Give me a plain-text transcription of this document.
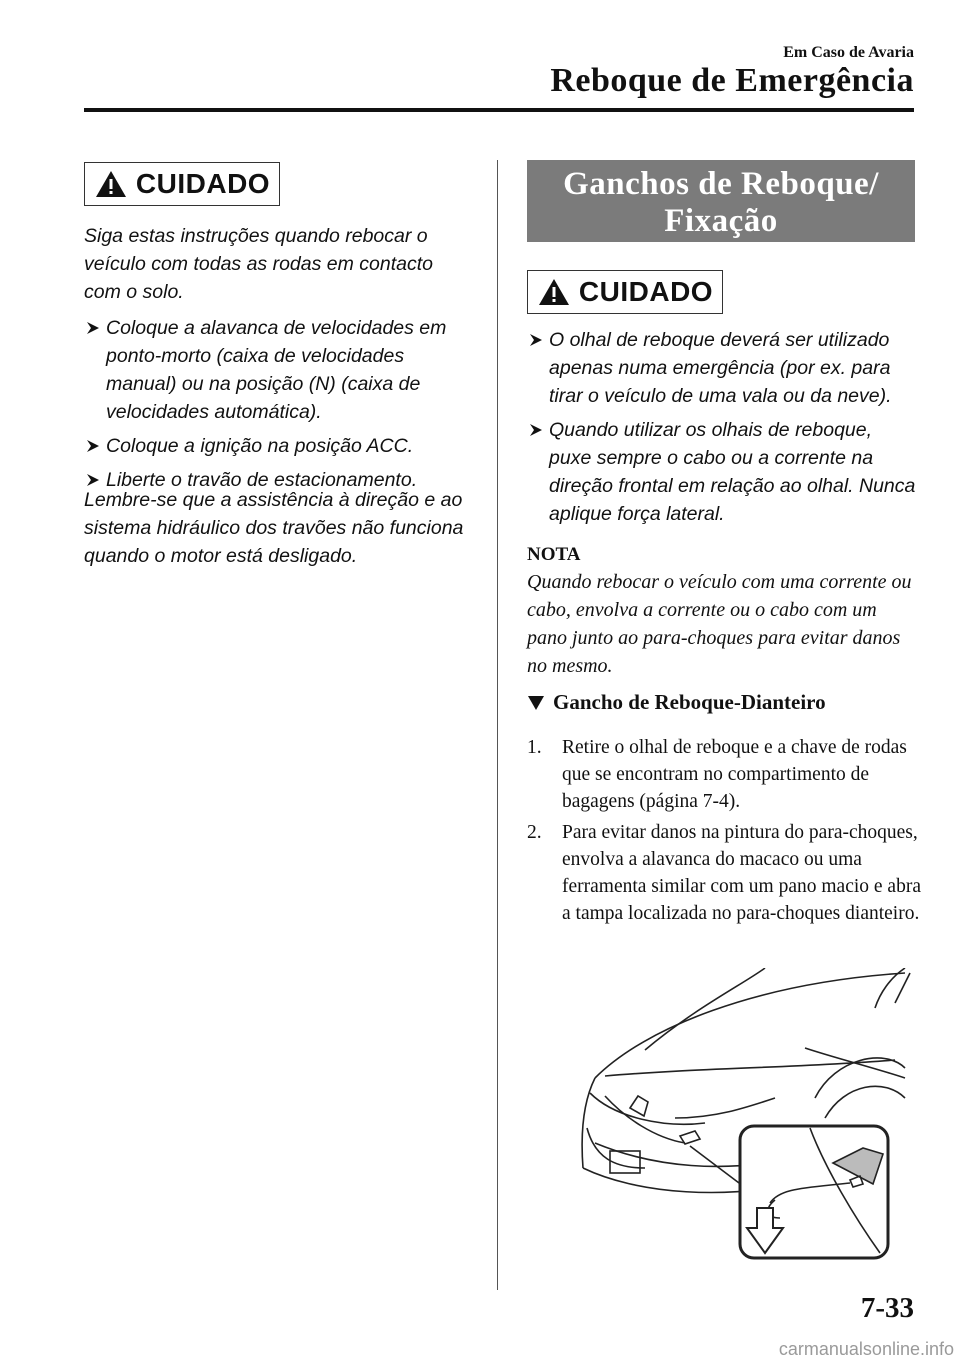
Em Caso de Avaria
Reboque de Emergência
CUIDADO

Siga estas instruções quando rebocar o veículo com todas as rodas em contacto com o solo.

Coloque a alavanca de velocidades em ponto-morto (caixa de velocidades manual) ou na posição (N) (caixa de velocidades automática).
Coloque a ignição na posição ACC.
Liberte o travão de estacionamento.

Lembre-se que a assistência à direção e ao sistema hidráulico dos travões não funciona quando o motor está desligado.

Ganchos de Reboque/
Fixação
CUIDADO
O olhal de reboque deverá ser utilizado apenas numa emergência (por ex. para tirar o veículo de uma vala ou da neve).
Quando utilizar os olhais de reboque, puxe sempre o cabo ou a corrente na direção frontal em relação ao olhal. Nunca aplique força lateral.
NOTA

Quando rebocar o veículo com uma corrente ou cabo, envolva a corrente ou o cabo com um pano junto ao para-choques para evitar danos no mesmo.

Gancho de Reboque-Dianteiro
1. Retire o olhal de reboque e a chave de rodas que se encontram no compartimento de bagagens (página 7-4).
2. Para evitar danos na pintura do para-choques, envolva a alavanca do macaco ou uma ferramenta similar com um pano macio e abra a tampa localizada no para-choques dianteiro.
7-33
carmanualsonline.info
